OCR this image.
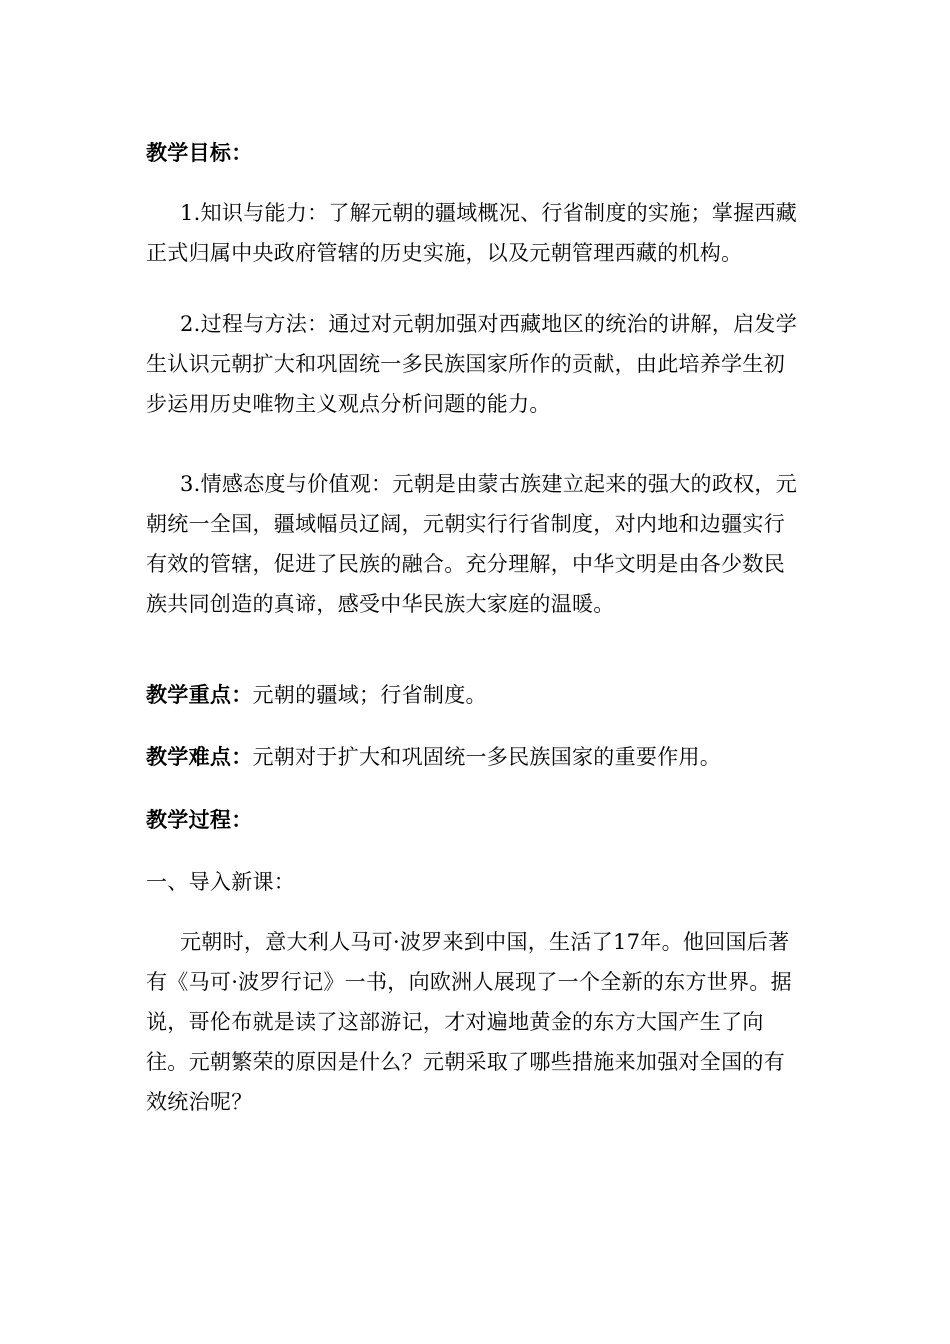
教学目标：

1.知识与能力：了解元朝的疆域概况、行省制度的实施；掌握西藏正式归属中央政府管辖的历史实施，以及元朝管理西藏的机构。

2.过程与方法：通过对元朝加强对西藏地区的统治的讲解，启发学生认识元朝扩大和巩固统一多民族国家所作的贡献，由此培养学生初步运用历史唯物主义观点分析问题的能力。

3.情感态度与价值观：元朝是由蒙古族建立起来的强大的政权，元朝统一全国，疆域幅员辽阔，元朝实行行省制度，对内地和边疆实行有效的管辖，促进了民族的融合。充分理解，中华文明是由各少数民族共同创造的真谛，感受中华民族大家庭的温暖。

教学重点：元朝的疆域；行省制度。

教学难点：元朝对于扩大和巩固统一多民族国家的重要作用。

教学过程：

一、导入新课：

元朝时，意大利人马可·波罗来到中国，生活了17年。他回国后著有《马可·波罗行记》一书，向欧洲人展现了一个全新的东方世界。据说，哥伦布就是读了这部游记，才对遍地黄金的东方大国产生了向往。元朝繁荣的原因是什么？元朝采取了哪些措施来加强对全国的有效统治呢？
